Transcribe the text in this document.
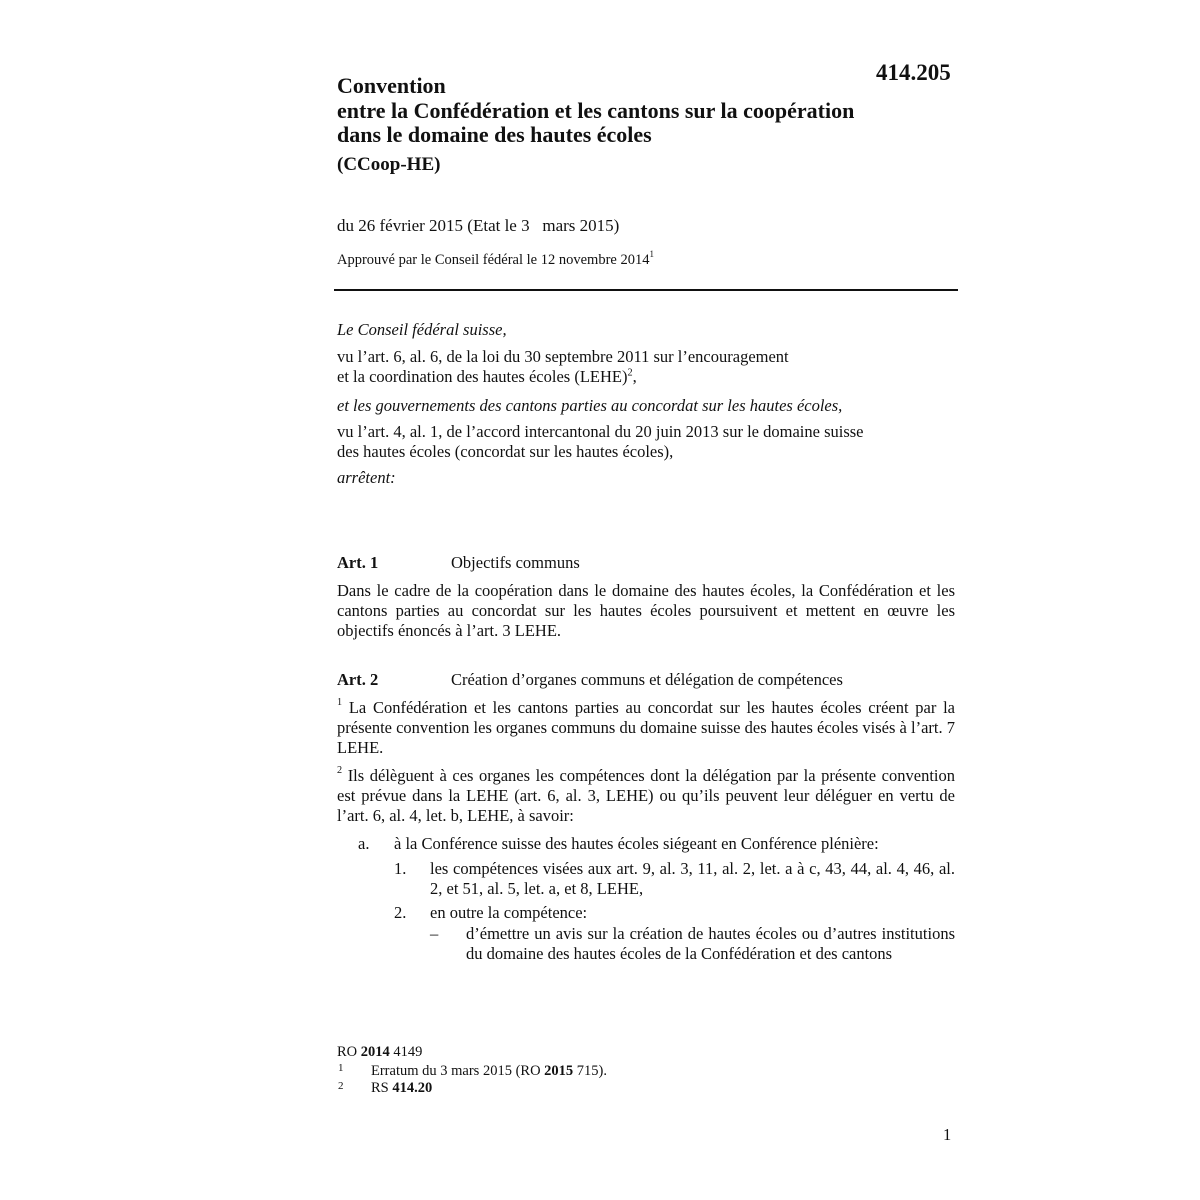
414.205
Convention
entre la Confédération et les cantons sur la coopération
dans le domaine des hautes écoles
(CCoop-HE)
du 26 février 2015 (Etat le 3   mars 2015)
Approuvé par le Conseil fédéral le 12 novembre 2014$^1$
Le Conseil fédéral suisse,
vu l’art. 6, al. 6, de la loi du 30 septembre 2011 sur l’encouragement
et la coordination des hautes écoles (LEHE)$^2$,
et les gouvernements des cantons parties au concordat sur les hautes écoles,
vu l’art. 4, al. 1, de l’accord intercantonal du 20 juin 2013 sur le domaine suisse
des hautes écoles (concordat sur les hautes écoles),
arrêtent:
Art. 1	Objectifs communs
Dans le cadre de la coopération dans le domaine des hautes écoles, la Confédération et les cantons parties au concordat sur les hautes écoles poursuivent et mettent en œuvre les objectifs énoncés à l’art. 3 LEHE.
Art. 2	Création d’organes communs et délégation de compétences
$^1$ La Confédération et les cantons parties au concordat sur les hautes écoles créent par la présente convention les organes communs du domaine suisse des hautes écoles visés à l’art. 7 LEHE.
$^2$ Ils délèguent à ces organes les compétences dont la délégation par la présente convention est prévue dans la LEHE (art. 6, al. 3, LEHE) ou qu’ils peuvent leur déléguer en vertu de l’art. 6, al. 4, let. b, LEHE, à savoir:
a. à la Conférence suisse des hautes écoles siégeant en Conférence plénière:
1. les compétences visées aux art. 9, al. 3, 11, al. 2, let. a à c, 43, 44, al. 4, 46, al. 2, et 51, al. 5, let. a, et 8, LEHE,
2. en outre la compétence:
– d’émettre un avis sur la création de hautes écoles ou d’autres institutions du domaine des hautes écoles de la Confédération et des cantons
RO 2014 4149
1 Erratum du 3 mars 2015 (RO 2015 715).
2 RS 414.20
1
